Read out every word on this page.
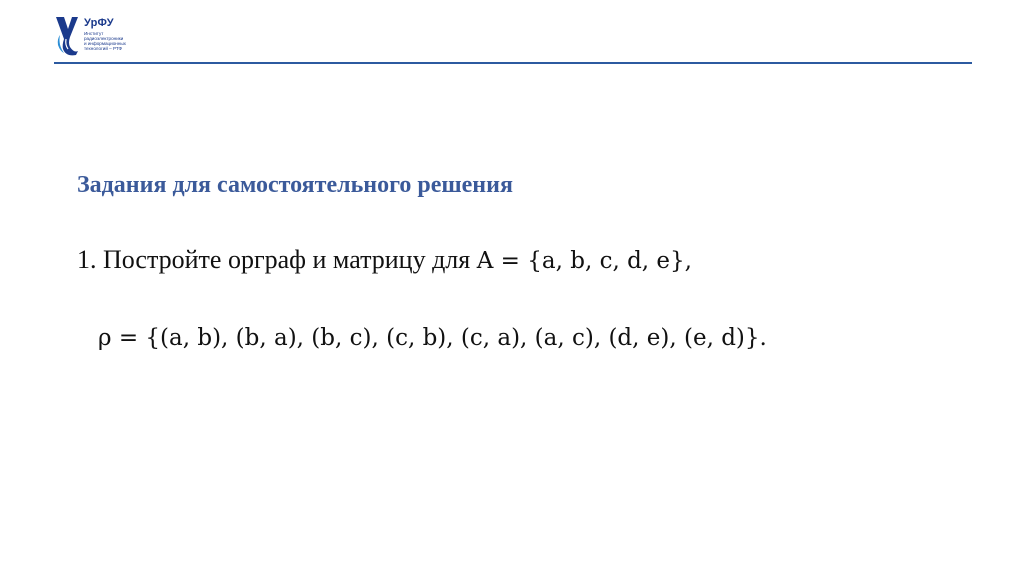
УрФУ
Институт
радиоэлектроники
и информационных
технологий – РТФ
Задания для самостоятельного решения
1. Постройте орграф и матрицу для A = {a, b, c, d, e},
ρ = {(a, b), (b, a), (b, c), (c, b), (c, a), (a, c), (d, e), (e, d)}.
